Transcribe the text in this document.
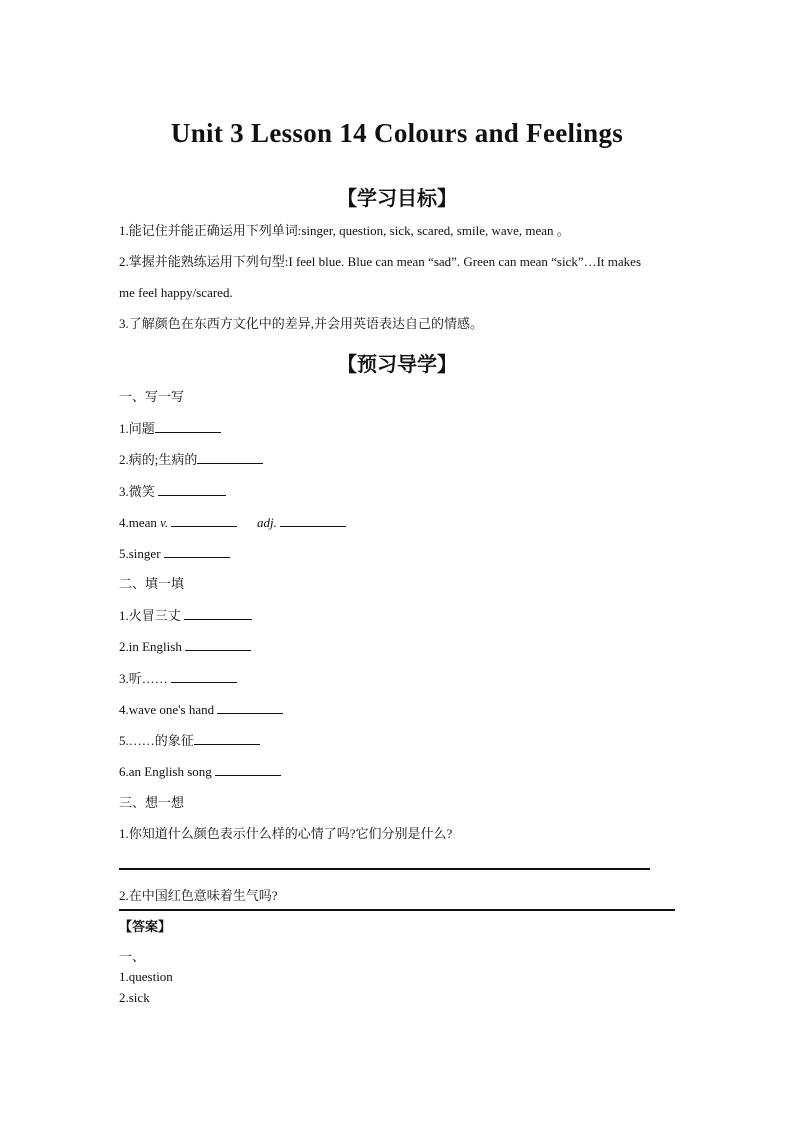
Unit 3 Lesson 14 Colours and Feelings
【学习目标】
1.能记住并能正确运用下列单词:singer, question, sick, scared, smile, wave, mean 。
2.掌握并能熟练运用下列句型:I feel blue. Blue can mean “sad”. Green can mean “sick”…It makes
me feel happy/scared.
3.了解颜色在东西方文化中的差异,并会用英语表达自己的情感。
【预习导学】
一、写一写
1.问题
2.病的;生病的
3.微笑
4.mean v.	adj.
5.singer
二、填一填
1.火冒三丈
2.in English
3.听……
4.wave one's hand
5.……的象征
6.an English song
三、想一想
1.你知道什么颜色表示什么样的心情了吗?它们分别是什么?
2.在中国红色意味着生气吗?
【答案】
一、
1.question
2.sick
